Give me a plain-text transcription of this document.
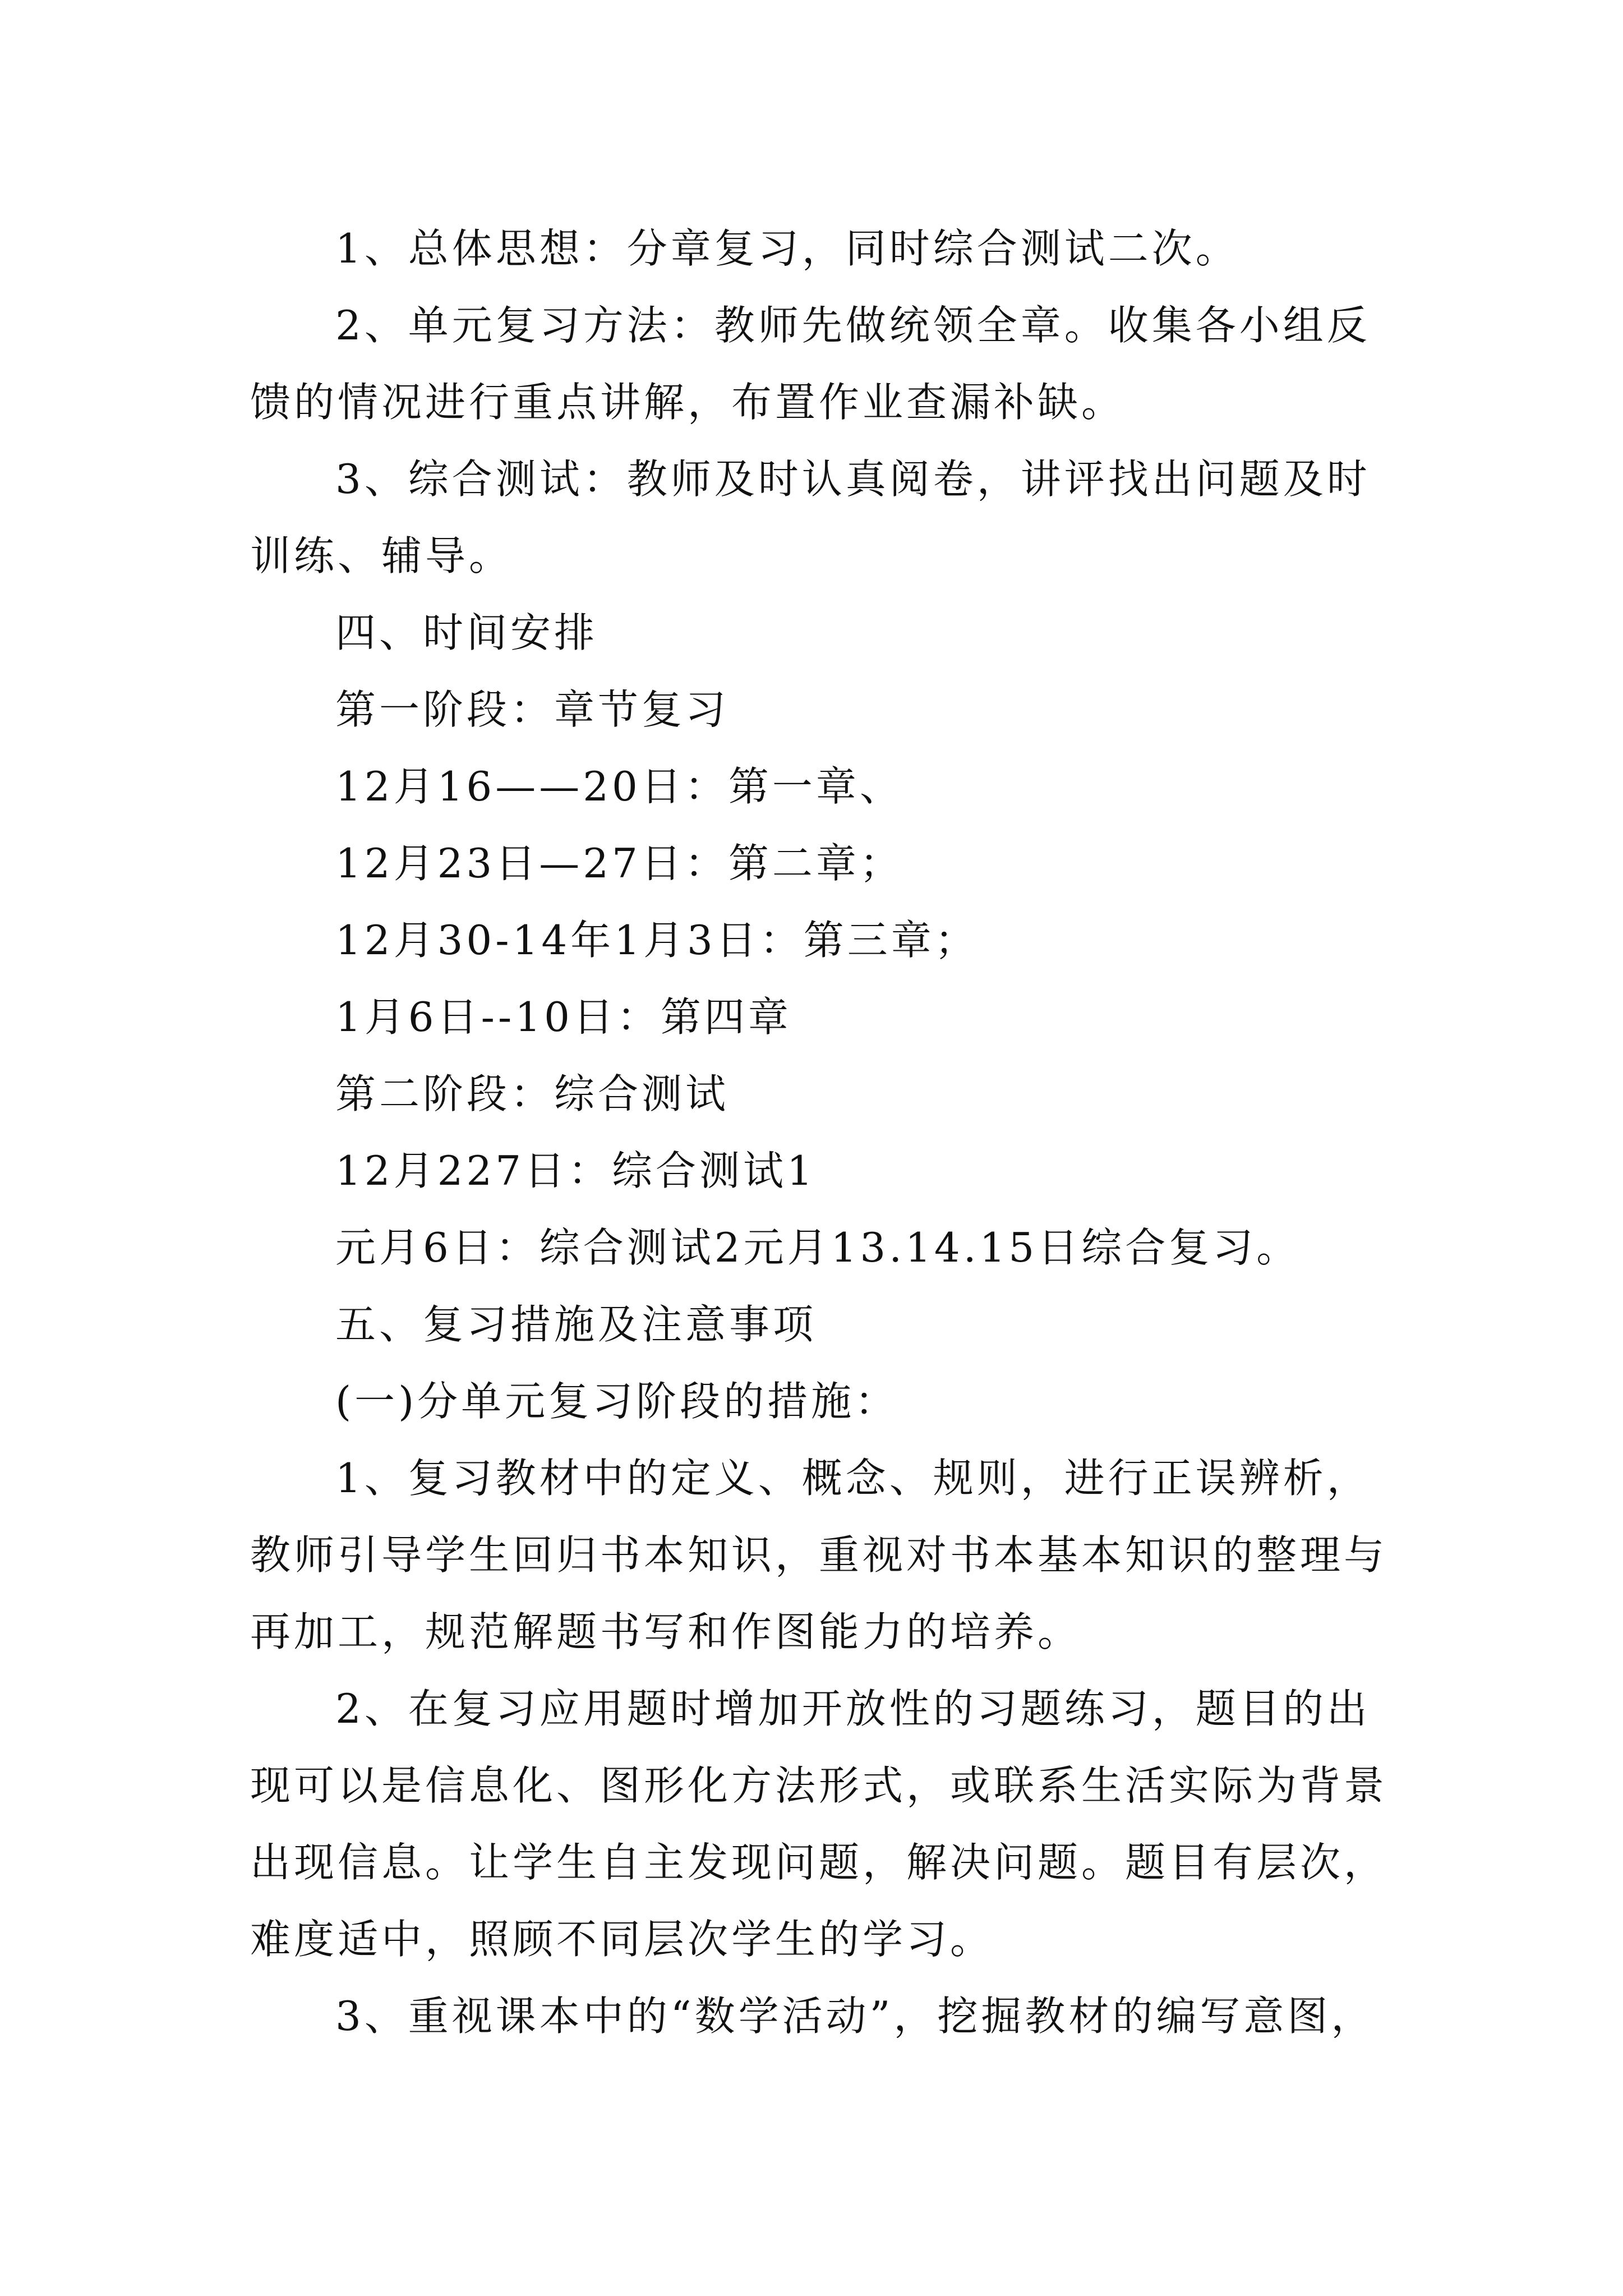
1、总体思想：分章复习，同时综合测试二次。

2、单元复习方法：教师先做统领全章。收集各小组反
馈的情况进行重点讲解，布置作业查漏补缺。

3、综合测试：教师及时认真阅卷，讲评找出问题及时
训练、辅导。

四、时间安排

第一阶段：章节复习

12月16——20日：第一章、

12月23日—27日：第二章；

12月30-14年1月3日：第三章；

1月6日--10日：第四章

第二阶段：综合测试

12月227日：综合测试1

元月6日：综合测试2元月13.14.15日综合复习。

五、复习措施及注意事项

(一)分单元复习阶段的措施：

1、复习教材中的定义、概念、规则，进行正误辨析，
教师引导学生回归书本知识，重视对书本基本知识的整理与
再加工，规范解题书写和作图能力的培养。

2、在复习应用题时增加开放性的习题练习，题目的出
现可以是信息化、图形化方法形式，或联系生活实际为背景
出现信息。让学生自主发现问题，解决问题。题目有层次，
难度适中，照顾不同层次学生的学习。

3、重视课本中的“数学活动”，挖掘教材的编写意图，
